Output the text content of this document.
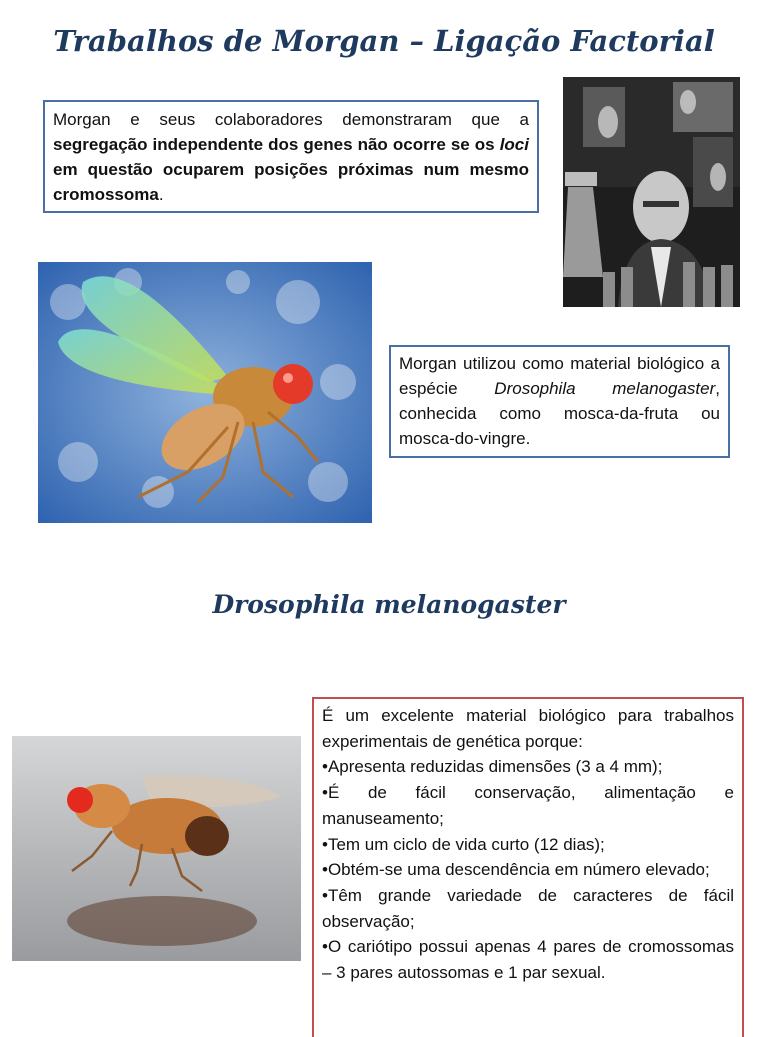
Trabalhos de Morgan – Ligação Factorial
Morgan e seus colaboradores demonstraram que a segregação independente dos genes não ocorre se os loci em questão ocuparem posições próximas num mesmo cromossoma.
Morgan utilizou como material biológico a espécie Drosophila melanogaster, conhecida como mosca-da-fruta ou mosca-do-vingre.
Drosophila melanogaster

É um excelente material biológico para trabalhos experimentais de genética porque:

•Apresenta reduzidas dimensões (3 a 4 mm);

•É de fácil conservação, alimentação e manuseamento;

•Tem um ciclo de vida curto (12 dias);

•Obtém-se uma descendência em número elevado;

•Têm grande variedade de caracteres de fácil observação;

•O cariótipo possui apenas 4 pares de cromossomas – 3 pares autossomas e 1 par sexual.
